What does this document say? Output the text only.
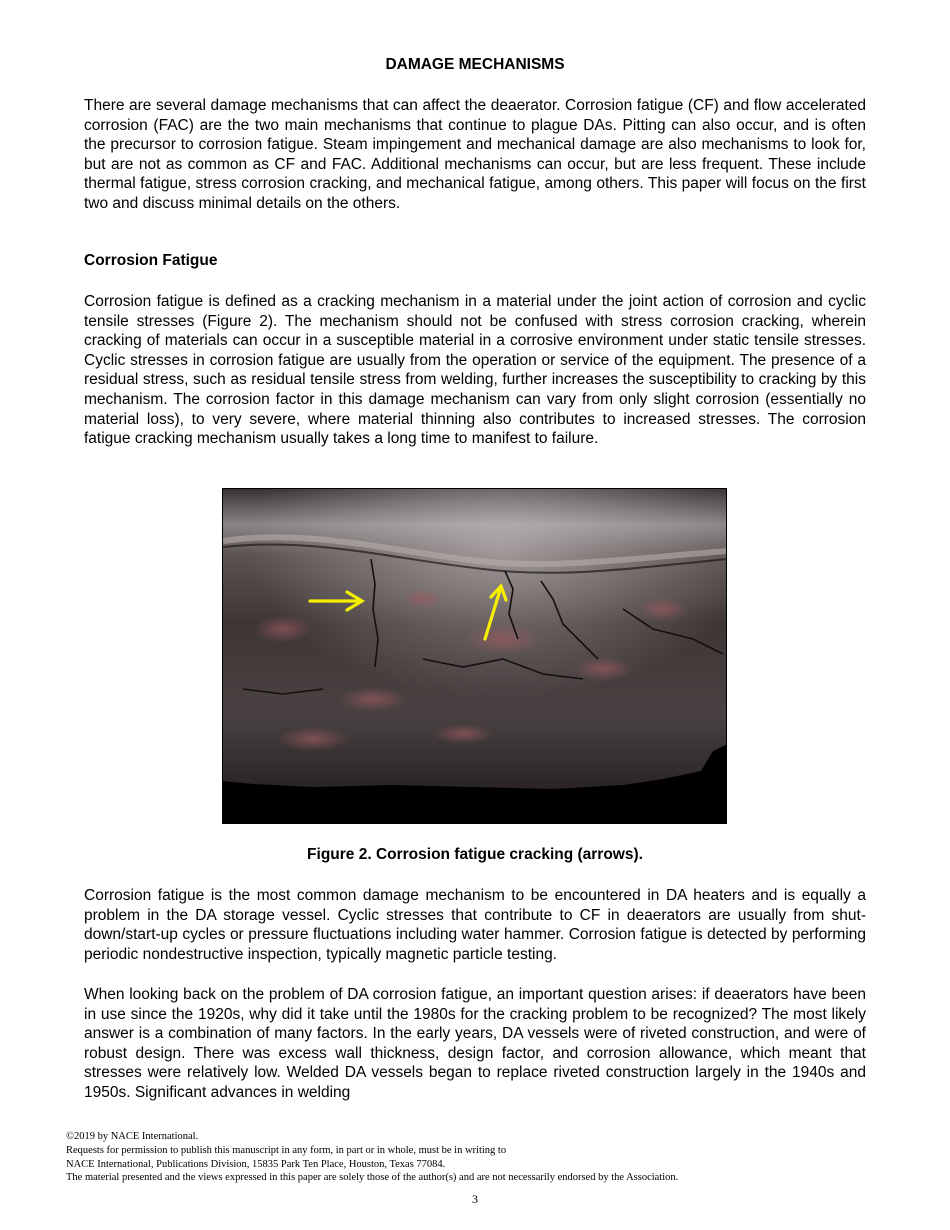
DAMAGE MECHANISMS

There are several damage mechanisms that can affect the deaerator. Corrosion fatigue (CF) and flow accelerated corrosion (FAC) are the two main mechanisms that continue to plague DAs. Pitting can also occur, and is often the precursor to corrosion fatigue. Steam impingement and mechanical damage are also mechanisms to look for, but are not as common as CF and FAC. Additional mechanisms can occur, but are less frequent. These include thermal fatigue, stress corrosion cracking, and mechanical fatigue, among others. This paper will focus on the first two and discuss minimal details on the others.

Corrosion Fatigue

Corrosion fatigue is defined as a cracking mechanism in a material under the joint action of corrosion and cyclic tensile stresses (Figure 2). The mechanism should not be confused with stress corrosion cracking, wherein cracking of materials can occur in a susceptible material in a corrosive environment under static tensile stresses. Cyclic stresses in corrosion fatigue are usually from the operation or service of the equipment. The presence of a residual stress, such as residual tensile stress from welding, further increases the susceptibility to cracking by this mechanism. The corrosion factor in this damage mechanism can vary from only slight corrosion (essentially no material loss), to very severe, where material thinning also contributes to increased stresses. The corrosion fatigue cracking mechanism usually takes a long time to manifest to failure.

Figure 2. Corrosion fatigue cracking (arrows).

Corrosion fatigue is the most common damage mechanism to be encountered in DA heaters and is equally a problem in the DA storage vessel. Cyclic stresses that contribute to CF in deaerators are usually from shut-down/start-up cycles or pressure fluctuations including water hammer. Corrosion fatigue is detected by performing periodic nondestructive inspection, typically magnetic particle testing.

When looking back on the problem of DA corrosion fatigue, an important question arises: if deaerators have been in use since the 1920s, why did it take until the 1980s for the cracking problem to be recognized? The most likely answer is a combination of many factors. In the early years, DA vessels were of riveted construction, and were of robust design. There was excess wall thickness, design factor, and corrosion allowance, which meant that stresses were relatively low. Welded DA vessels began to replace riveted construction largely in the 1940s and 1950s. Significant advances in welding

©2019 by NACE International.
Requests for permission to publish this manuscript in any form, in part or in whole, must be in writing to
NACE International, Publications Division, 15835 Park Ten Place, Houston, Texas 77084.
The material presented and the views expressed in this paper are solely those of the author(s) and are not necessarily endorsed by the Association.
3
